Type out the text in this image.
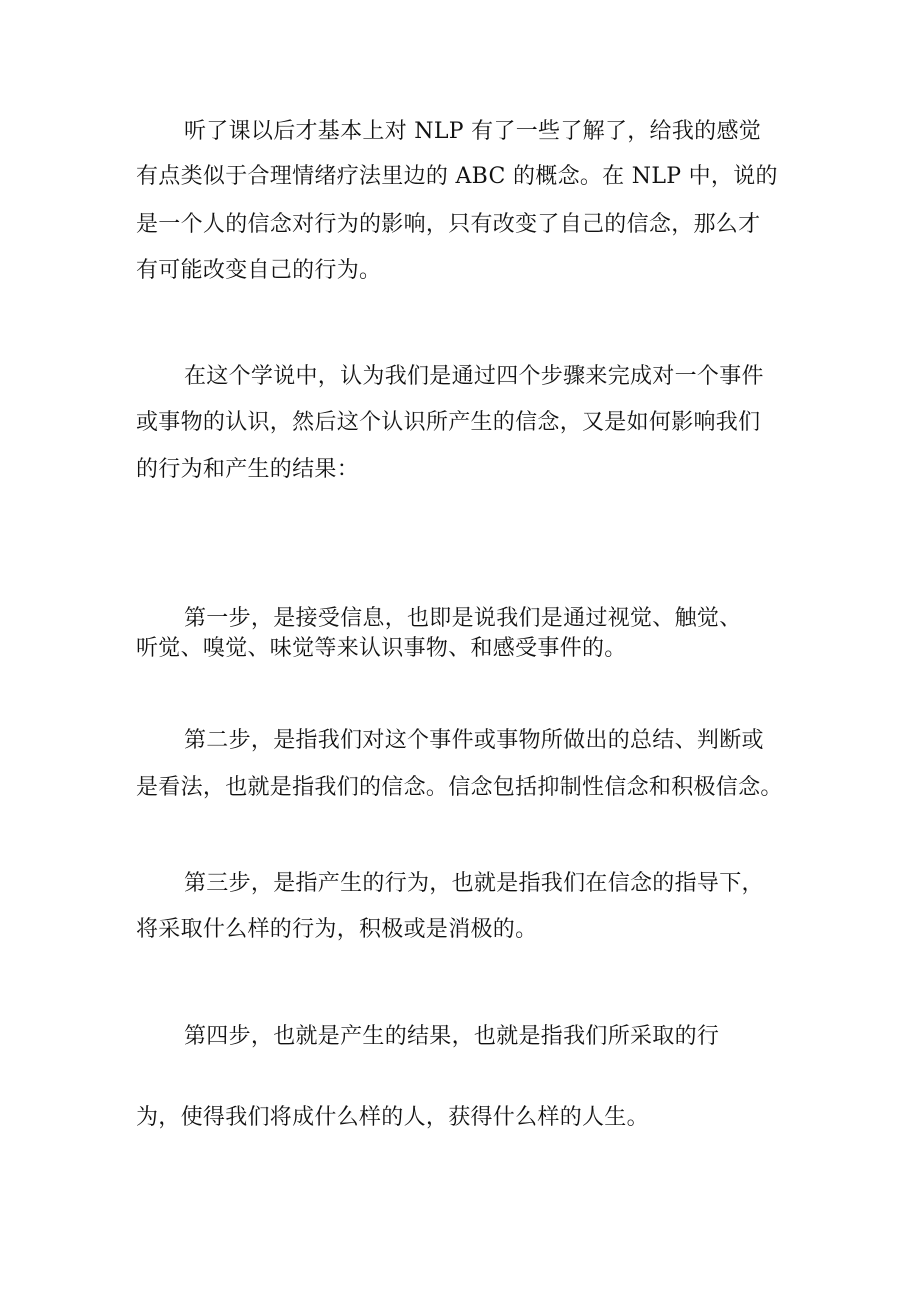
听了课以后才基本上对 NLP 有了一些了解了，给我的感觉
有点类似于合理情绪疗法里边的 ABC 的概念。在 NLP 中，说的
是一个人的信念对行为的影响，只有改变了自己的信念，那么才
有可能改变自己的行为。
在这个学说中，认为我们是通过四个步骤来完成对一个事件
或事物的认识，然后这个认识所产生的信念，又是如何影响我们
的行为和产生的结果：
第一步，是接受信息，也即是说我们是通过视觉、触觉、
听觉、嗅觉、味觉等来认识事物、和感受事件的。
第二步，是指我们对这个事件或事物所做出的总结、判断或
是看法，也就是指我们的信念。信念包括抑制性信念和积极信念。
第三步，是指产生的行为，也就是指我们在信念的指导下，
将采取什么样的行为，积极或是消极的。
第四步，也就是产生的结果，也就是指我们所采取的行
为，使得我们将成什么样的人，获得什么样的人生。
